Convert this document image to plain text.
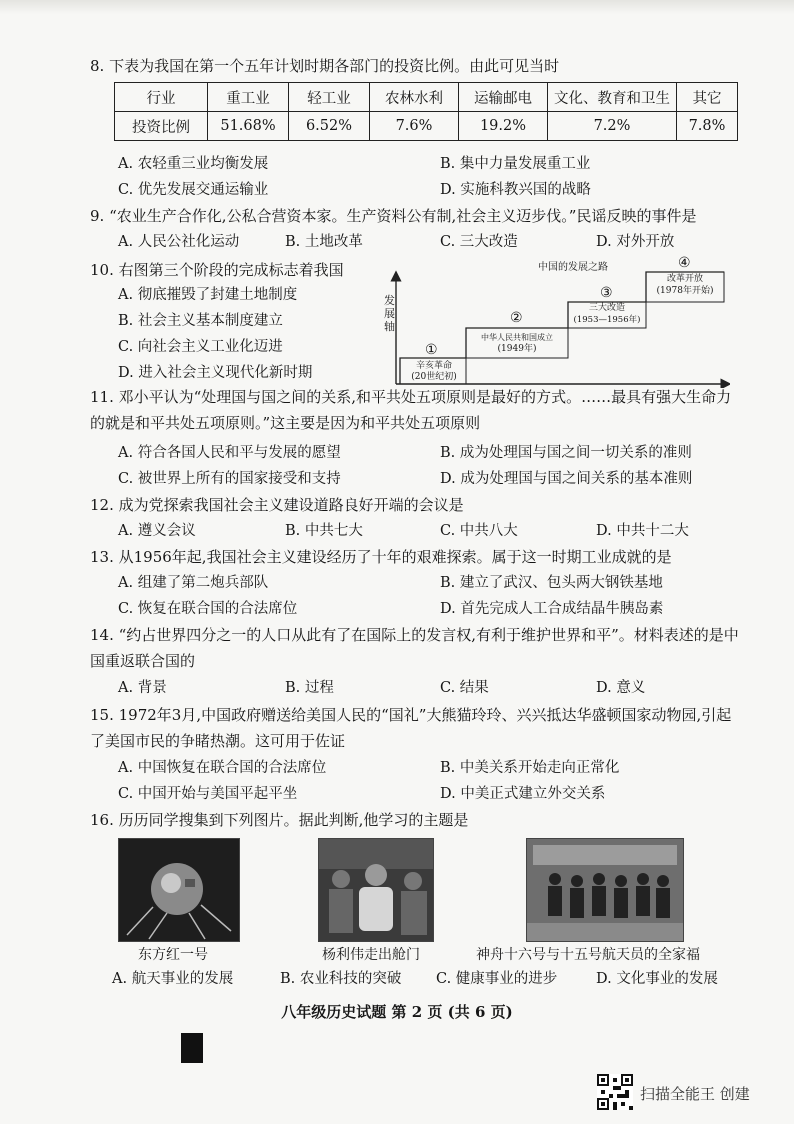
8. 下表为我国在第一个五年计划时期各部门的投资比例。由此可见当时
行业	重工业	轻工业	农林水利	运输邮电	文化、教育和卫生	其它
投资比例	51.68%	6.52%	7.6%	19.2%	7.2%	7.8%
A. 农轻重三业均衡发展	B. 集中力量发展重工业
C. 优先发展交通运输业	D. 实施科教兴国的战略
9. “农业生产合作化,公私合营资本家。生产资料公有制,社会主义迈步伐。”民谣反映的事件是
A. 人民公社化运动	B. 土地改革	C. 三大改造	D. 对外开放
10. 右图第三个阶段的完成标志着我国
A. 彻底摧毁了封建土地制度
B. 社会主义基本制度建立
C. 向社会主义工业化迈进
D. 进入社会主义现代化新时期
中国的发展之路
发展轴
①
辛亥革命
(20世纪初)
②
中华人民共和国成立
(1949年)
③
三大改造
(1953—1956年)
④
改革开放
(1978年开始)
11. 邓小平认为“处理国与国之间的关系,和平共处五项原则是最好的方式。……最具有强大生命力的就是和平共处五项原则。”这主要是因为和平共处五项原则
A. 符合各国人民和平与发展的愿望	B. 成为处理国与国之间一切关系的准则
C. 被世界上所有的国家接受和支持	D. 成为处理国与国之间关系的基本准则
12. 成为党探索我国社会主义建设道路良好开端的会议是
A. 遵义会议	B. 中共七大	C. 中共八大	D. 中共十二大
13. 从1956年起,我国社会主义建设经历了十年的艰难探索。属于这一时期工业成就的是
A. 组建了第二炮兵部队	B. 建立了武汉、包头两大钢铁基地
C. 恢复在联合国的合法席位	D. 首先完成人工合成结晶牛胰岛素
14. “约占世界四分之一的人口从此有了在国际上的发言权,有利于维护世界和平”。材料表述的是中国重返联合国的
A. 背景	B. 过程	C. 结果	D. 意义
15. 1972年3月,中国政府赠送给美国人民的“国礼”大熊猫玲玲、兴兴抵达华盛顿国家动物园,引起了美国市民的争睹热潮。这可用于佐证
A. 中国恢复在联合国的合法席位	B. 中美关系开始走向正常化
C. 中国开始与美国平起平坐	D. 中美正式建立外交关系
16. 历历同学搜集到下列图片。据此判断,他学习的主题是
东方红一号	杨利伟走出舱门	神舟十六号与十五号航天员的全家福
A. 航天事业的发展	B. 农业科技的突破 C. 健康事业的进步	D. 文化事业的发展
八年级历史试题 第 2 页 (共 6 页)
扫描全能王 创建
